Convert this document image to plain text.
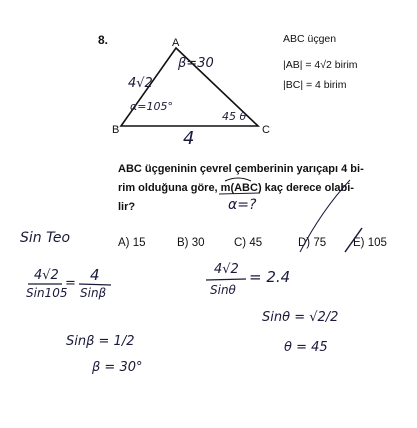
8.	ABC üçgen
|AB| = 4√2 birim
|BC| = 4 birim
ABC üçgeninin çevrel çemberinin yarıçapı 4 bi-
rim olduğuna göre, m(ABC) kaç derece olabi-
lir?
A) 15	B) 30	C) 45	D) 75 E) 105
A
B	C
4√2
4
β=30
α=105°
45 θ
α=?
Sin Teo
4√2
Sin105
= 4
Sinβ
Sinβ = 1/2
β = 30°
4√2
Sinθ
= 2.4
Sinθ = √2/2
θ = 45
